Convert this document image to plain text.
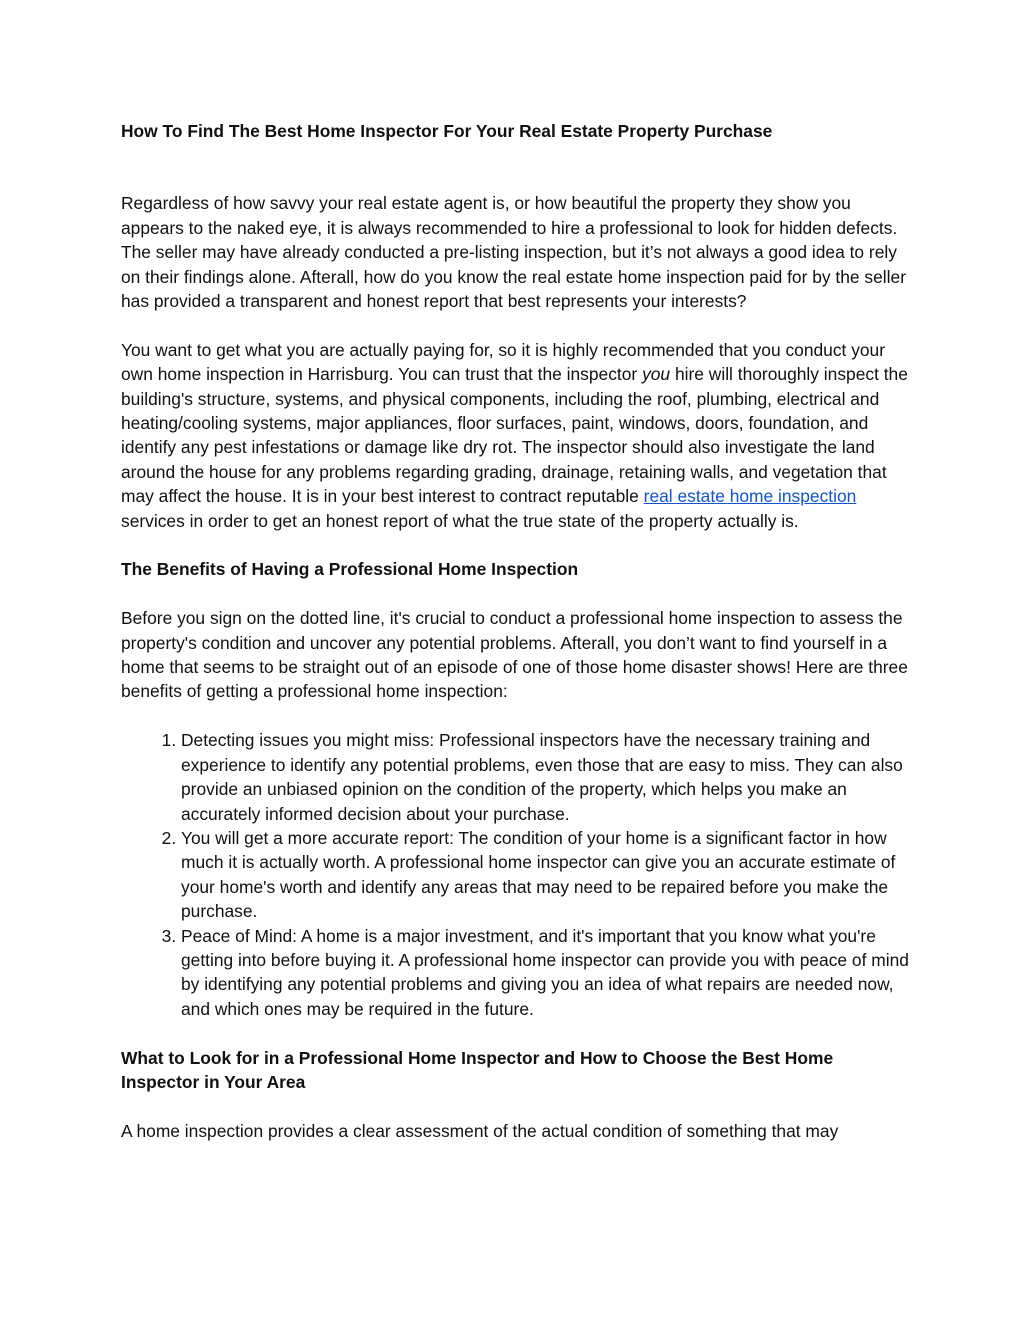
How To Find The Best Home Inspector For Your Real Estate Property Purchase

Regardless of how savvy your real estate agent is, or how beautiful the property they show you appears to the naked eye, it is always recommended to hire a professional to look for hidden defects. The seller may have already conducted a pre-listing inspection, but it’s not always a good idea to rely on their findings alone. Afterall, how do you know the real estate home inspection paid for by the seller has provided a transparent and honest report that best represents your interests?

You want to get what you are actually paying for, so it is highly recommended that you conduct your own home inspection in Harrisburg. You can trust that the inspector you hire will thoroughly inspect the building's structure, systems, and physical components, including the roof, plumbing, electrical and heating/cooling systems, major appliances, floor surfaces, paint, windows, doors, foundation, and identify any pest infestations or damage like dry rot. The inspector should also investigate the land around the house for any problems regarding grading, drainage, retaining walls, and vegetation that may affect the house. It is in your best interest to contract reputable real estate home inspection services in order to get an honest report of what the true state of the property actually is.

The Benefits of Having a Professional Home Inspection

Before you sign on the dotted line, it's crucial to conduct a professional home inspection to assess the property's condition and uncover any potential problems. Afterall, you don’t want to find yourself in a home that seems to be straight out of an episode of one of those home disaster shows! Here are three benefits of getting a professional home inspection:

1. Detecting issues you might miss: Professional inspectors have the necessary training and experience to identify any potential problems, even those that are easy to miss. They can also provide an unbiased opinion on the condition of the property, which helps you make an accurately informed decision about your purchase.
2. You will get a more accurate report: The condition of your home is a significant factor in how much it is actually worth. A professional home inspector can give you an accurate estimate of your home's worth and identify any areas that may need to be repaired before you make the purchase.
3. Peace of Mind: A home is a major investment, and it's important that you know what you're getting into before buying it. A professional home inspector can provide you with peace of mind by identifying any potential problems and giving you an idea of what repairs are needed now, and which ones may be required in the future.
What to Look for in a Professional Home Inspector and How to Choose the Best Home Inspector in Your Area

A home inspection provides a clear assessment of the actual condition of something that may
